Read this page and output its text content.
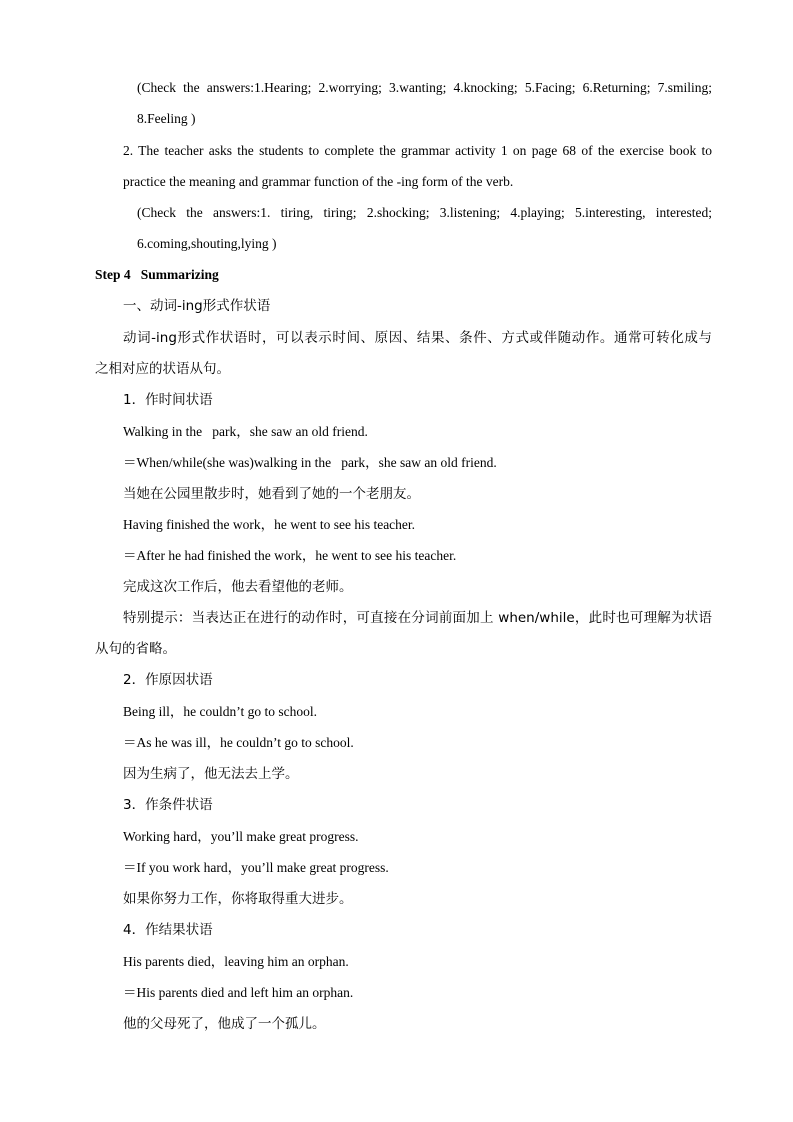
(Check the answers:1.Hearing; 2.worrying; 3.wanting; 4.knocking; 5.Facing; 6.Returning; 7.smiling;
8.Feeling )
2. The teacher asks the students to complete the grammar activity 1 on page 68 of the exercise book to
practice the meaning and grammar function of the -ing form of the verb.
(Check the answers:1. tiring, tiring; 2.shocking; 3.listening; 4.playing; 5.interesting, interested;
6.coming,shouting,lying )
Step 4   Summarizing
一、动词-ing形式作状语
动词-ing形式作状语时，可以表示时间、原因、结果、条件、方式或伴随动作。通常可转化成与
之相对应的状语从句。
1．作时间状语
Walking in the   park，she saw an old friend.
＝When/while(she was)walking in the   park，she saw an old friend.
当她在公园里散步时，她看到了她的一个老朋友。
Having finished the work，he went to see his teacher.
＝After he had finished the work，he went to see his teacher.
完成这次工作后，他去看望他的老师。
特别提示：当表达正在进行的动作时，可直接在分词前面加上 when/while，此时也可理解为状语
从句的省略。
2．作原因状语
Being ill，he couldn’t go to school.
＝As he was ill，he couldn’t go to school.
因为生病了，他无法去上学。
3．作条件状语
Working hard，you’ll make great progress.
＝If you work hard，you’ll make great progress.
如果你努力工作，你将取得重大进步。
4．作结果状语
His parents died，leaving him an orphan.
＝His parents died and left him an orphan.
他的父母死了，他成了一个孤儿。
